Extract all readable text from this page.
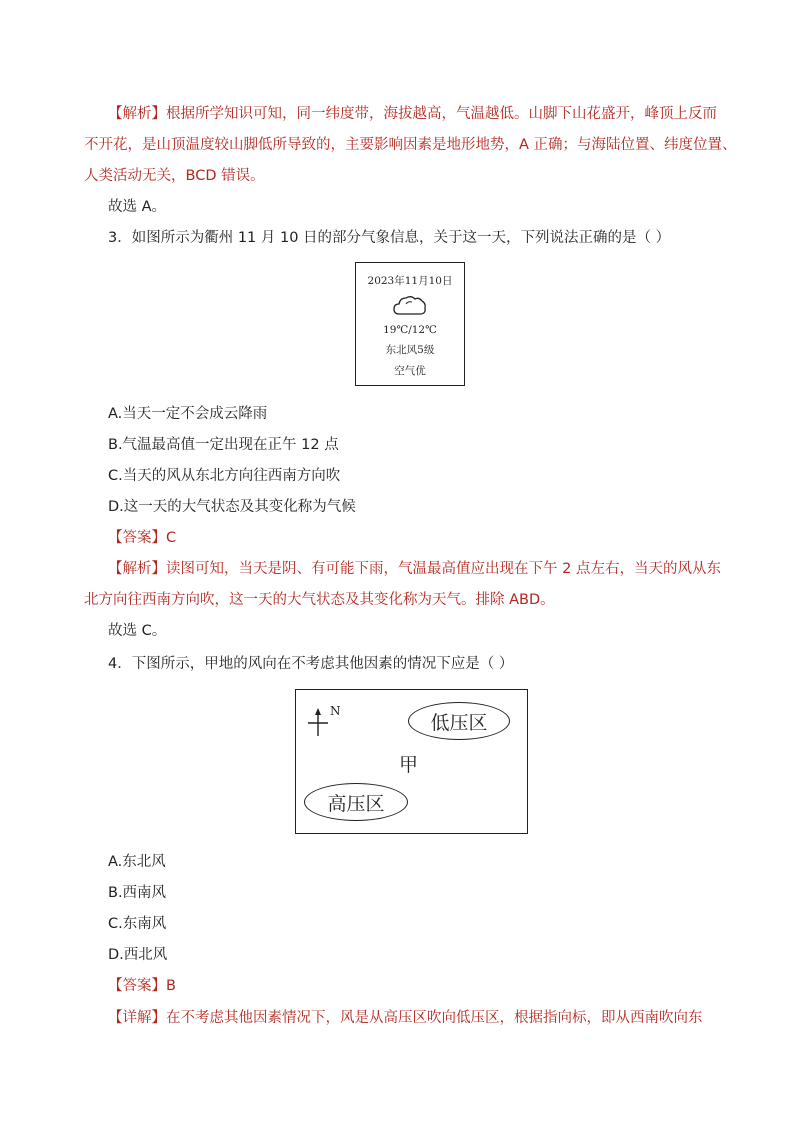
【解析】根据所学知识可知，同一纬度带，海拔越高，气温越低。山脚下山花盛开，峰顶上反而
不开花，是山顶温度较山脚低所导致的，主要影响因素是地形地势，A 正确；与海陆位置、纬度位置、
人类活动无关，BCD 错误。
故选 A。
3．如图所示为衢州 11 月 10 日的部分气象信息，关于这一天，下列说法正确的是（ ）
2023年11月10日
19℃/12℃
东北风5级
空气优
A.当天一定不会成云降雨
B.气温最高值一定出现在正午 12 点
C.当天的风从东北方向往西南方向吹
D.这一天的大气状态及其变化称为气候
【答案】C
【解析】读图可知，当天是阴、有可能下雨，气温最高值应出现在下午 2 点左右，当天的风从东
北方向往西南方向吹，这一天的大气状态及其变化称为天气。排除 ABD。
故选 C。
4．下图所示，甲地的风向在不考虑其他因素的情况下应是（ ）
N
低压区
甲
高压区
A.东北风
B.西南风
C.东南风
D.西北风
【答案】B
【详解】在不考虑其他因素情况下，风是从高压区吹向低压区，根据指向标，即从西南吹向东
